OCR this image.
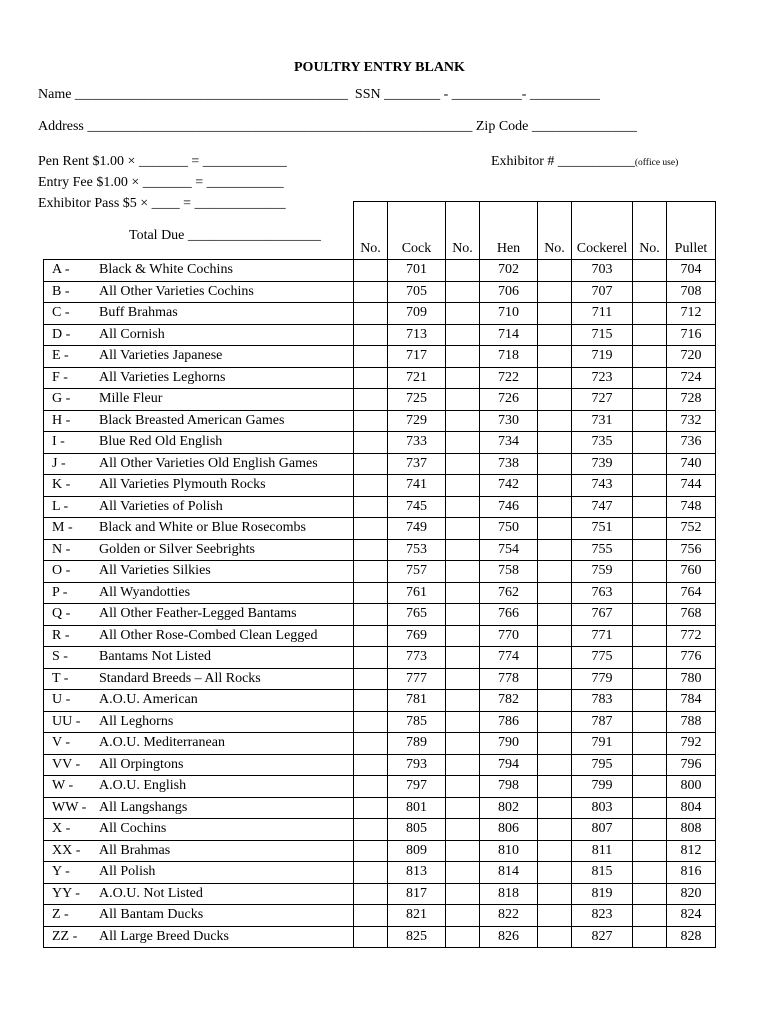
POULTRY ENTRY BLANK
Name _______________________________________  SSN ________ - __________- __________
Address _______________________________________________________ Zip Code _______________
Pen Rent $1.00 × _______ = ____________	Exhibitor # ___________(office use)
Entry Fee $1.00 × _______ = ___________
Exhibitor Pass $5 × ____ = _____________
	No.	Cock	No.	Hen	No.	Cockerel	No.	Pullet

A - Black & White Cochins		701		702		703		704

B - All Other Varieties Cochins		705		706		707		708

C - Buff Brahmas		709		710		711		712

D - All Cornish		713		714		715		716

E - All Varieties Japanese		717		718		719		720

F - All Varieties Leghorns		721		722		723		724

G - Mille Fleur		725		726		727		728

H - Black Breasted American Games		729		730		731		732

I - Blue Red Old English		733		734		735		736

J - All Other Varieties Old English Games		737		738		739		740

K - All Varieties Plymouth Rocks		741		742		743		744

L - All Varieties of Polish		745		746		747		748

M - Black and White or Blue Rosecombs		749		750		751		752

N - Golden or Silver Seebrights		753		754		755		756

O - All Varieties Silkies		757		758		759		760

P - All Wyandotties		761		762		763		764

Q - All Other Feather-Legged Bantams		765		766		767		768

R - All Other Rose-Combed Clean Legged		769		770		771		772

S - Bantams Not Listed		773		774		775		776

T - Standard Breeds – All Rocks		777		778		779		780

U - A.O.U. American		781		782		783		784

UU - All Leghorns		785		786		787		788

V - A.O.U. Mediterranean		789		790		791		792

VV - All Orpingtons		793		794		795		796

W - A.O.U. English		797		798		799		800

WW - All Langshangs		801		802		803		804

X - All Cochins		805		806		807		808

XX - All Brahmas		809		810		811		812

Y - All Polish		813		814		815		816

YY - A.O.U. Not Listed		817		818		819		820

Z - All Bantam Ducks		821		822		823		824

ZZ - All Large Breed Ducks		825		826		827		828
Total Due ___________________
